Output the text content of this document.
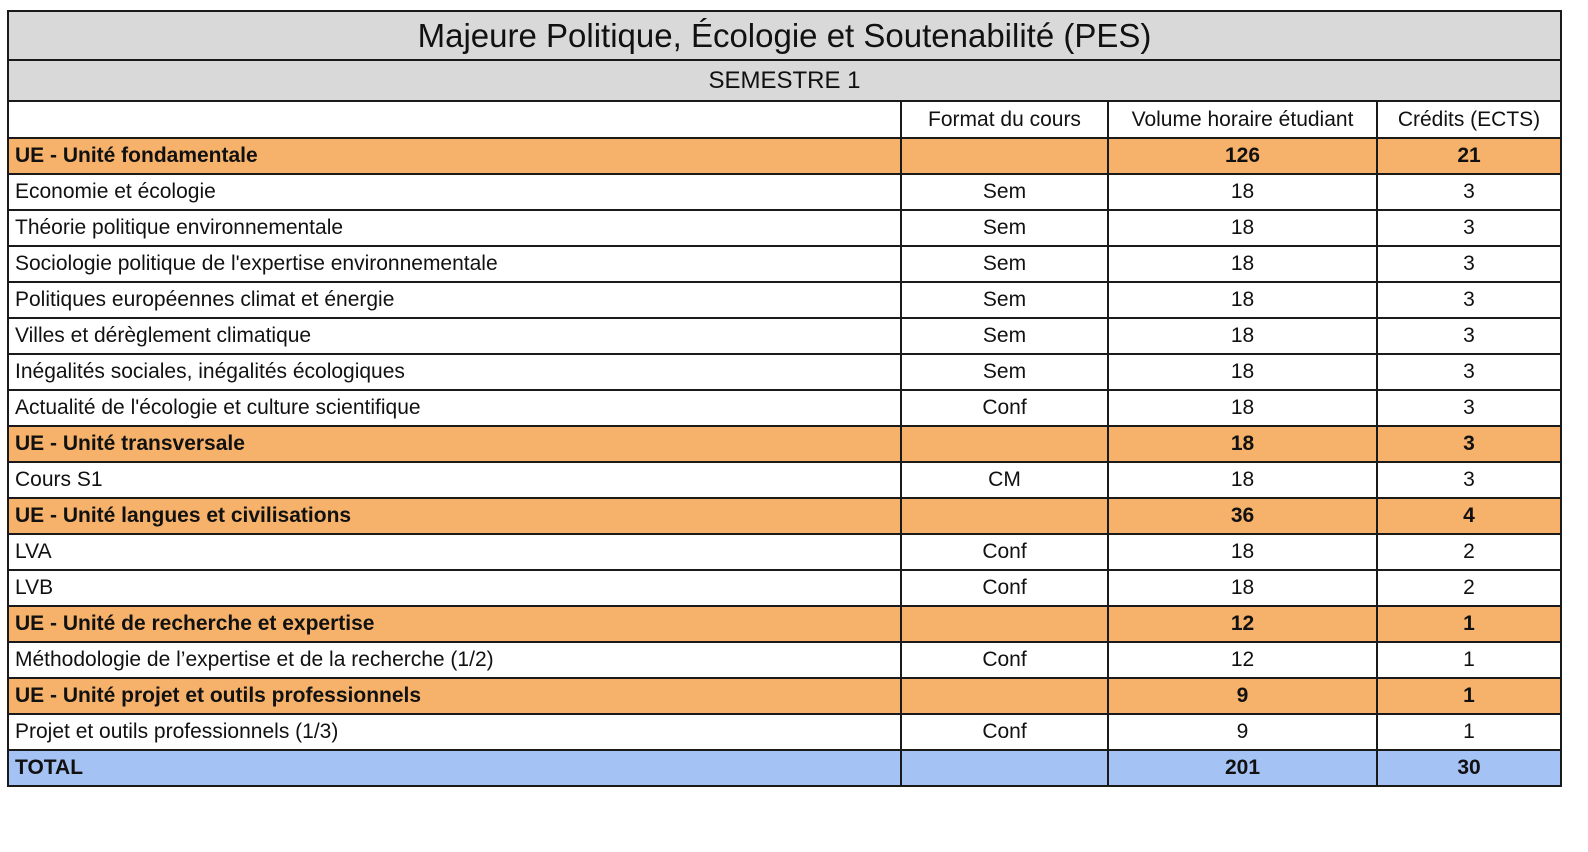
Majeure Politique, Écologie et Soutenabilité (PES)			
SEMESTRE 1			
	Format du cours	Volume horaire étudiant	Crédits (ECTS)
UE - Unité fondamentale		126	21
Economie et écologie	Sem	18	3
Théorie politique environnementale	Sem	18	3
Sociologie politique de l'expertise environnementale	Sem	18	3
Politiques européennes climat et énergie	Sem	18	3
Villes et dérèglement climatique	Sem	18	3
Inégalités sociales, inégalités écologiques	Sem	18	3
Actualité de l'écologie et culture scientifique	Conf	18	3
UE - Unité transversale		18	3
Cours S1	CM	18	3
UE - Unité langues et civilisations		36	4
LVA	Conf	18	2
LVB	Conf	18	2
UE - Unité de recherche et expertise		12	1
Méthodologie de l’expertise et de la recherche (1/2)	Conf	12	1
UE - Unité projet et outils professionnels		9	1
Projet et outils professionnels (1/3)	Conf	9	1
TOTAL		201	30
